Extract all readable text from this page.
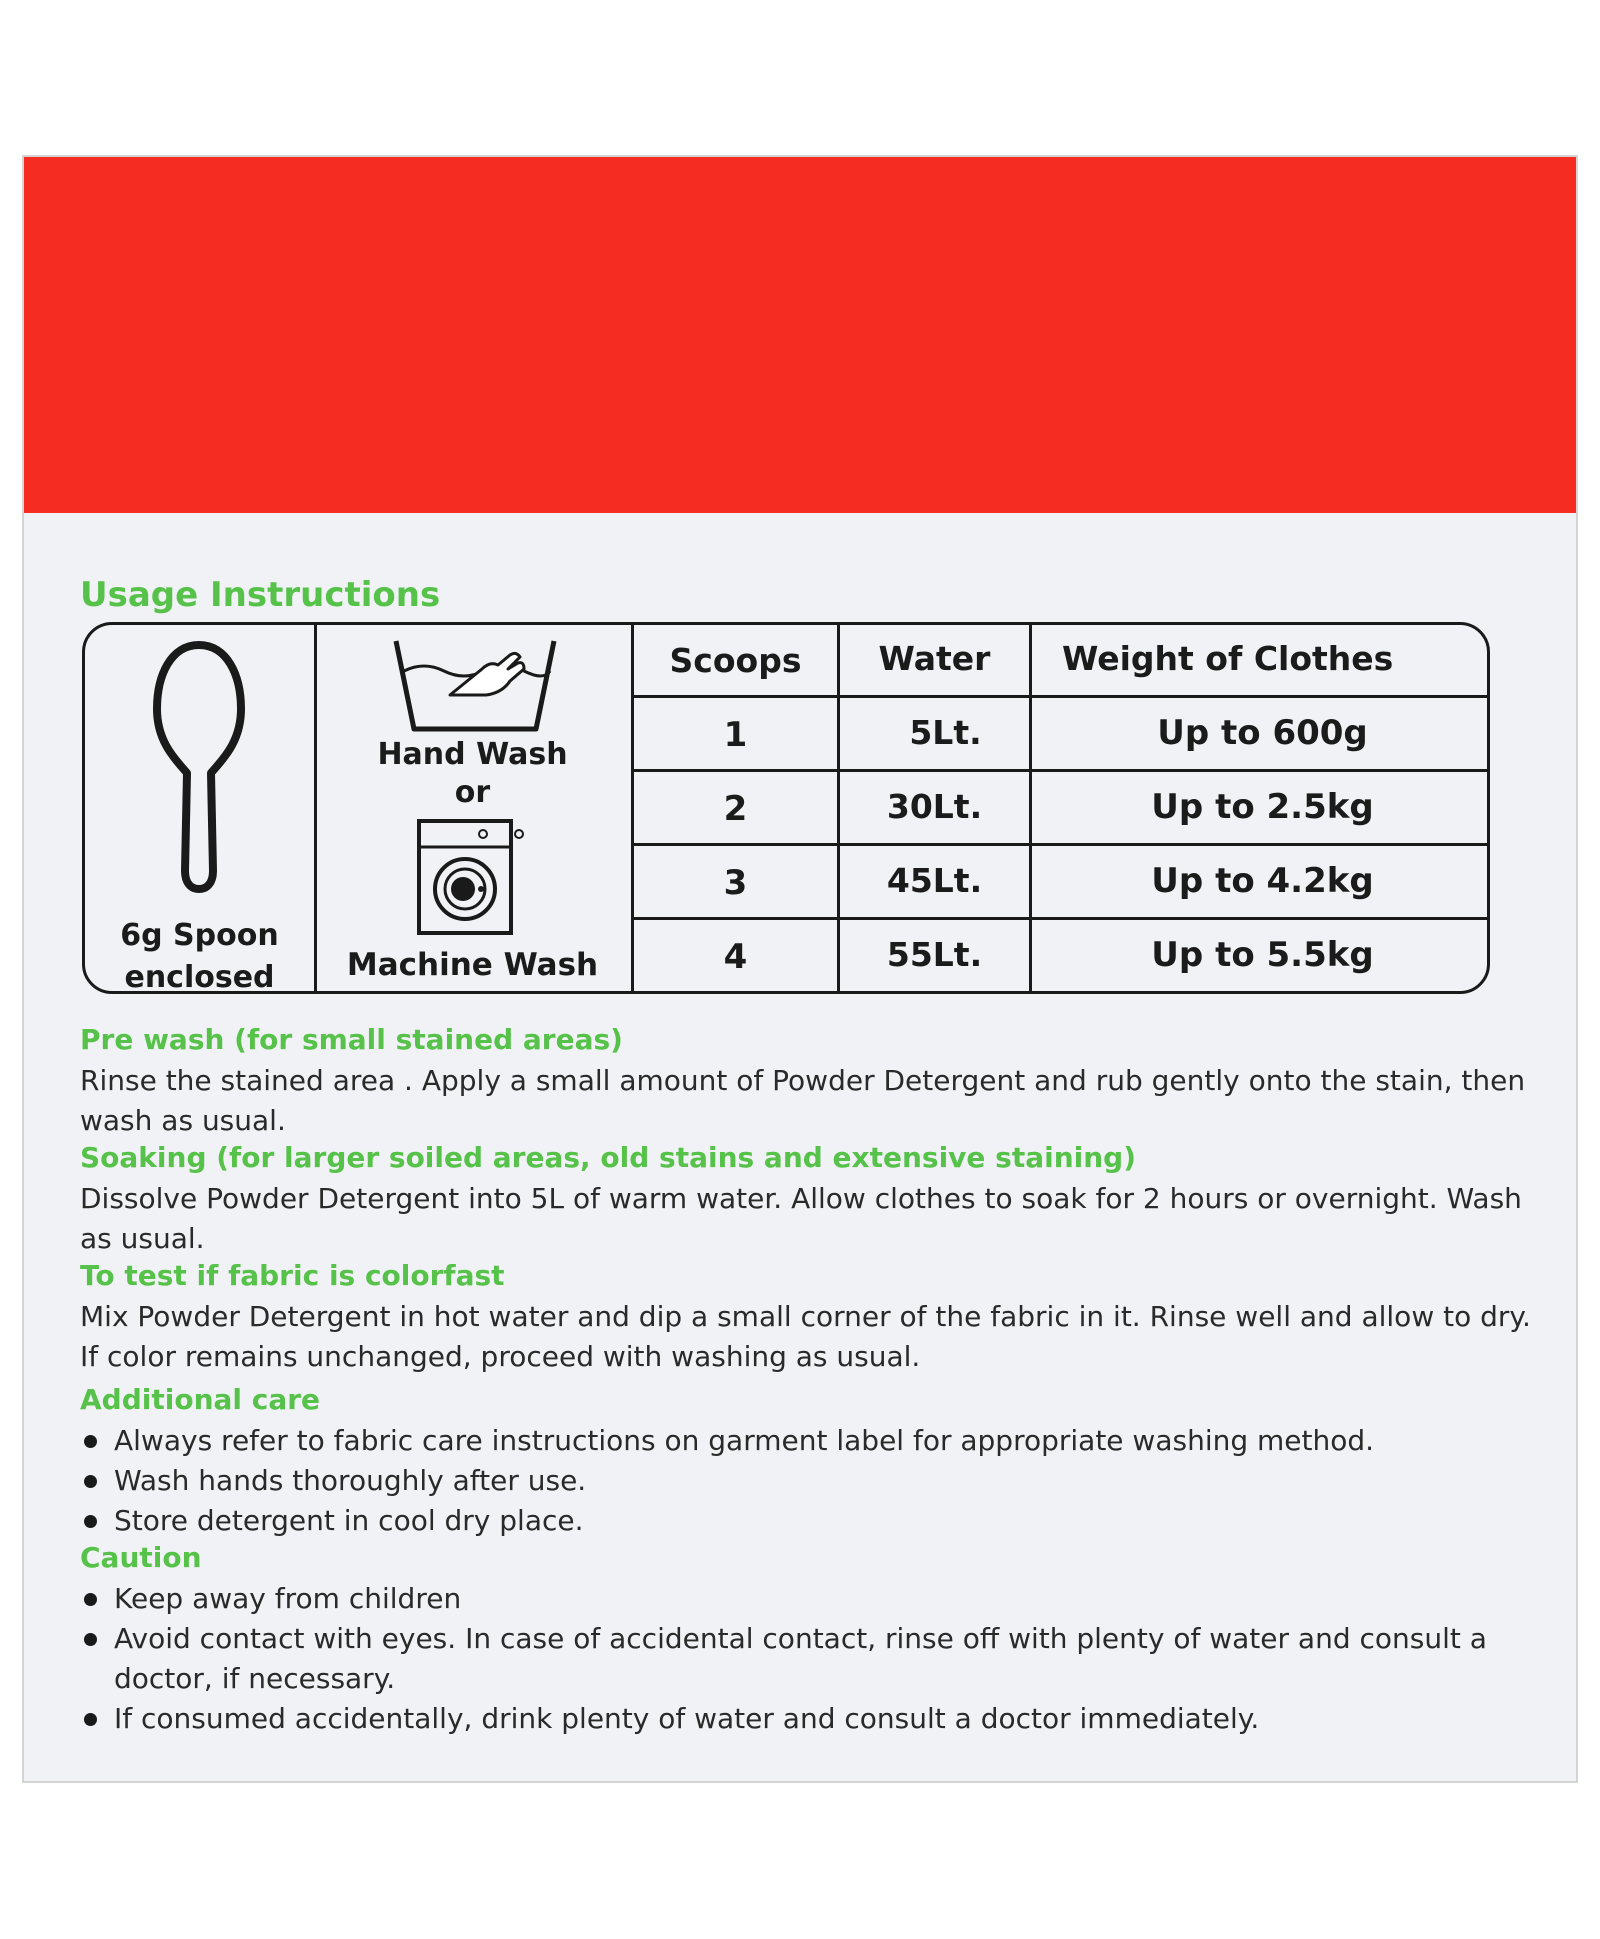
Usage Instructions
6g Spoon
enclosed
Hand Wash
or
Machine Wash
Scoops	Water	Weight of Clothes
1	5Lt.	Up to 600g
2	30Lt.	Up to 2.5kg
3	45Lt.	Up to 4.2kg
4	55Lt.	Up to 5.5kg
Pre wash (for small stained areas)
Rinse the stained area . Apply a small amount of Powder Detergent and rub gently onto the stain, then wash as usual.
Soaking (for larger soiled areas, old stains and extensive staining)
Dissolve Powder Detergent into 5L of warm water. Allow clothes to soak for 2 hours or overnight. Wash as usual.
To test if fabric is colorfast
Mix Powder Detergent in hot water and dip a small corner of the fabric in it. Rinse well and allow to dry. If color remains unchanged, proceed with washing as usual.
Additional care
Always refer to fabric care instructions on garment label for appropriate washing method.
Wash hands thoroughly after use.
Store detergent in cool dry place.
Caution
Keep away from children
Avoid contact with eyes. In case of accidental contact, rinse off with plenty of water and consult a doctor, if necessary.
If consumed accidentally, drink plenty of water and consult a doctor immediately.
